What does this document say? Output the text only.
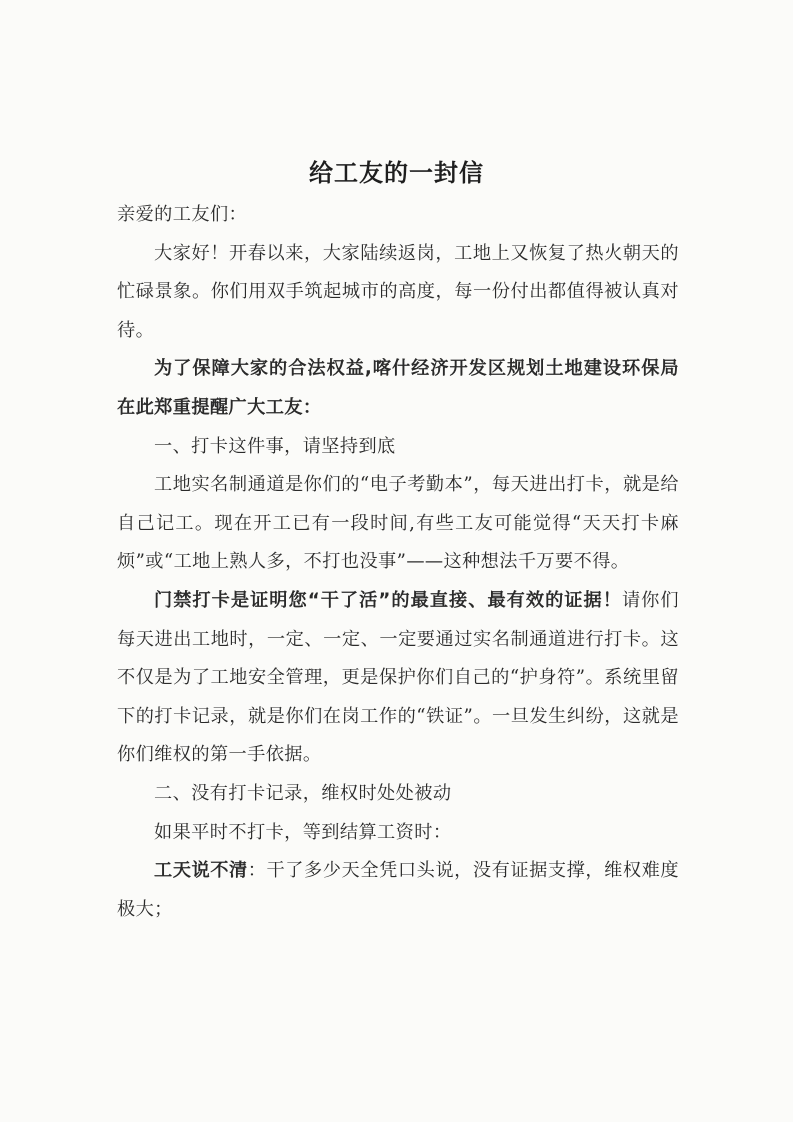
给工友的一封信

亲爱的工友们：

大家好！开春以来，大家陆续返岗，工地上又恢复了热火朝天的忙碌景象。你们用双手筑起城市的高度，每一份付出都值得被认真对待。

为了保障大家的合法权益,喀什经济开发区规划土地建设环保局在此郑重提醒广大工友：

一、打卡这件事，请坚持到底

工地实名制通道是你们的“电子考勤本”，每天进出打卡，就是给自己记工。现在开工已有一段时间,有些工友可能觉得“天天打卡麻烦”或“工地上熟人多，不打也没事”——这种想法千万要不得。

门禁打卡是证明您“干了活”的最直接、最有效的证据！请你们每天进出工地时，一定、一定、一定要通过实名制通道进行打卡。这不仅是为了工地安全管理，更是保护你们自己的“护身符”。系统里留下的打卡记录，就是你们在岗工作的“铁证”。一旦发生纠纷，这就是你们维权的第一手依据。

二、没有打卡记录，维权时处处被动

如果平时不打卡，等到结算工资时：

工天说不清：干了多少天全凭口头说，没有证据支撑，维权难度极大；
